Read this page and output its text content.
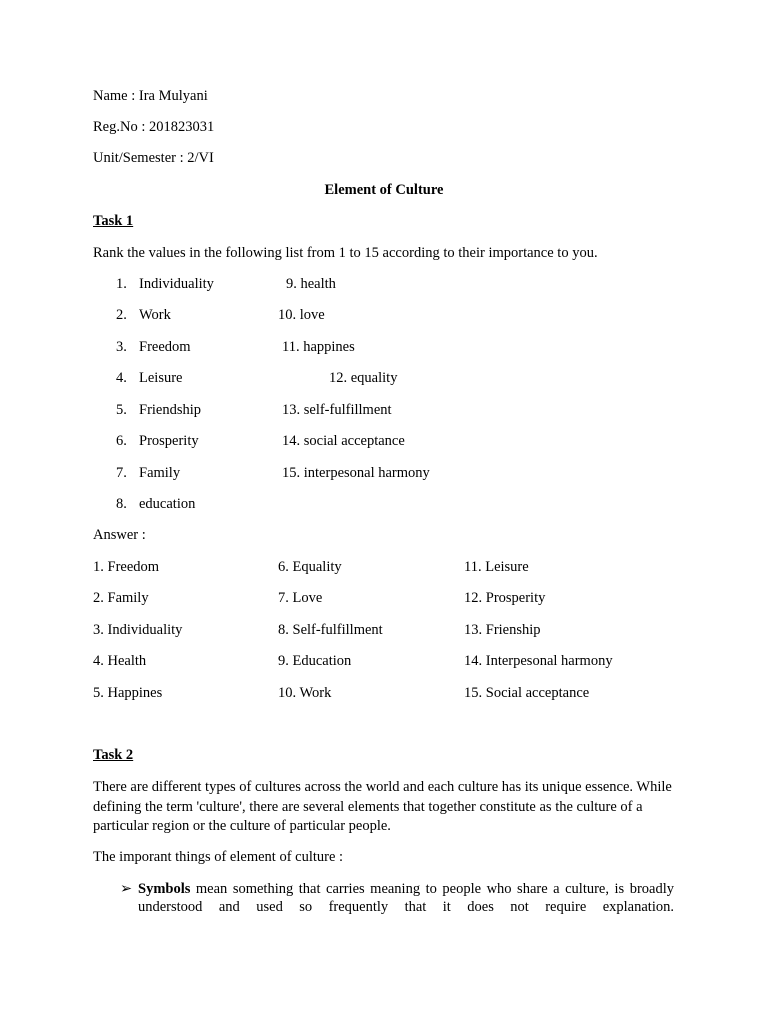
Name : Ira Mulyani
Reg.No : 201823031
Unit/Semester : 2/VI
Element of Culture
Task 1
Rank the values in the following list from 1 to 15 according to their importance to you.
1. Individuality
2. Work
3. Freedom
4. Leisure
5. Friendship
6. Prosperity
7. Family
8. education
9. health
10. love
11. happines
12. equality
13. self-fulfillment
14. social acceptance
15. interpesonal harmony
Answer :
1. Freedom
2. Family
3. Individuality
4. Health
5. Happines
6. Equality
7. Love
8. Self-fulfillment
9. Education
10. Work
11. Leisure
12. Prosperity
13. Frienship
14. Interpesonal harmony
15. Social acceptance
Task 2
There are different types of cultures across the world and each culture has its unique essence. While defining the term 'culture', there are several elements that together constitute as the culture of a particular region or the culture of particular people.
The imporant things of element of culture :
➢ Symbols mean something that carries meaning to people who share a culture, is broadly understood and used so frequently that it does not require explanation.
